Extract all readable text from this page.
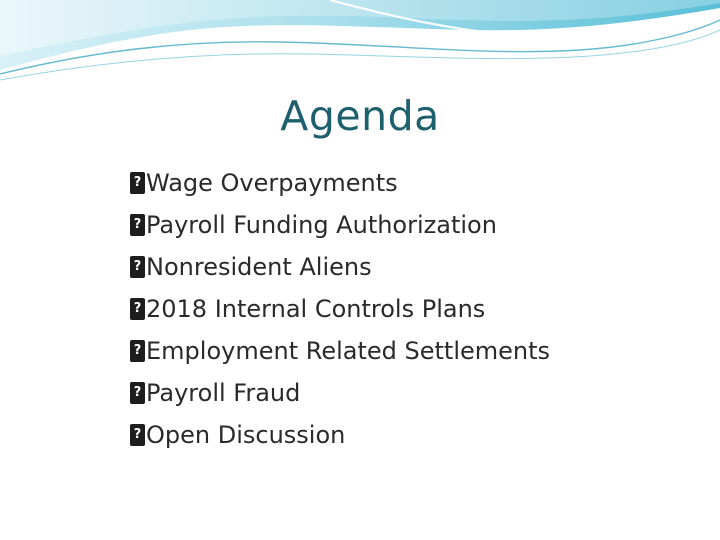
Agenda
?
Wage Overpayments
?
Payroll Funding Authorization
?
Nonresident Aliens
?
2018 Internal Controls Plans
?
Employment Related Settlements
?
Payroll Fraud
?
Open Discussion
